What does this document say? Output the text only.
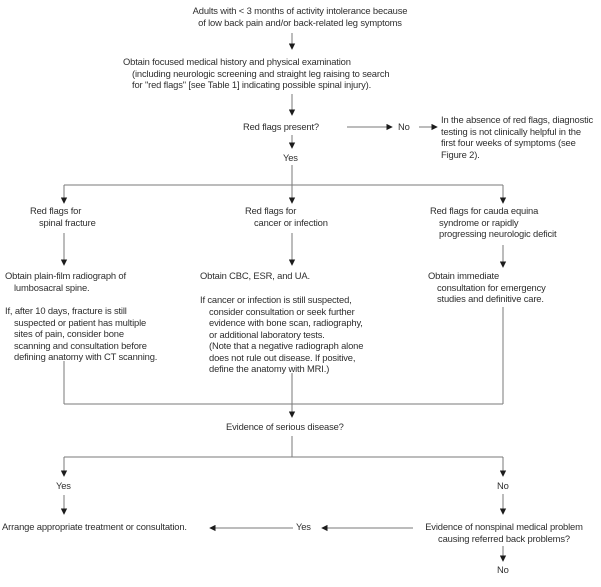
Adults with < 3 months of activity intolerance because
of low back pain and/or back-related leg symptoms
Obtain focused medical history and physical examination
(including neurologic screening and straight leg raising to search
for "red flags" [see Table 1] indicating possible spinal injury).
Red flags present?	No
In the absence of red flags, diagnostic
testing is not clinically helpful in the
first four weeks of symptoms (see
Figure 2).
Yes
Red flags for
spinal fracture
Red flags for
cancer or infection
Red flags for cauda equina
syndrome or rapidly
progressing neurologic deficit
Obtain plain-film radiograph of
lumbosacral spine.
If, after 10 days, fracture is still
suspected or patient has multiple
sites of pain, consider bone
scanning and consultation before
defining anatomy with CT scanning.
Obtain CBC, ESR, and UA.
If cancer or infection is still suspected,
consider consultation or seek further
evidence with bone scan, radiography,
or additional laboratory tests.
(Note that a negative radiograph alone
does not rule out disease. If positive,
define the anatomy with MRI.)
Obtain immediate
consultation for emergency
studies and definitive care.
Evidence of serious disease?
Yes	No
Arrange appropriate treatment or consultation.	Yes	Evidence of nonspinal medical problem
causing referred back problems?
No
